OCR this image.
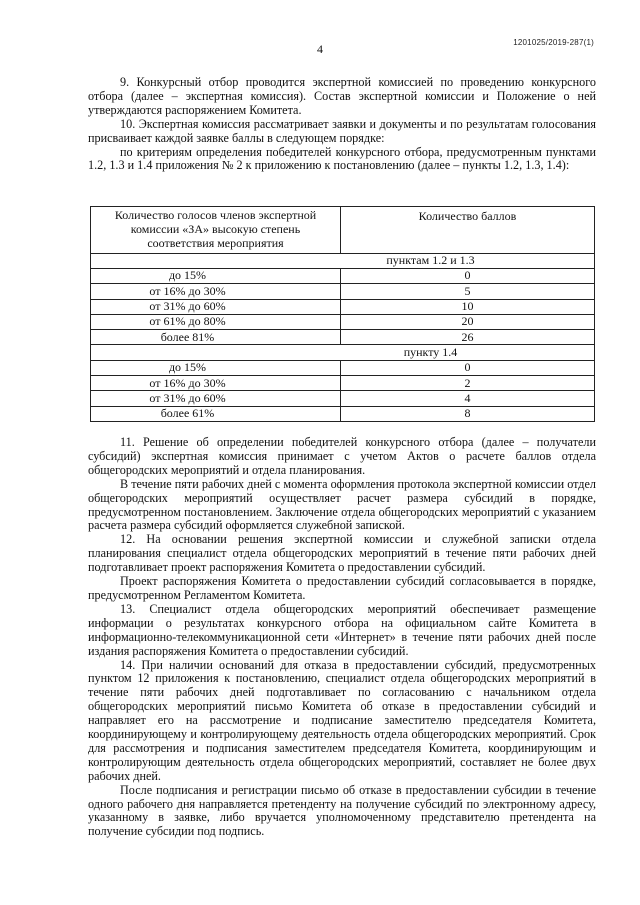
1201025/2019-287(1)
4

9. Конкурсный отбор проводится экспертной комиссией по проведению конкурсного отбора (далее – экспертная комиссия). Состав экспертной комиссии и Положение о ней утверждаются распоряжением Комитета.

10. Экспертная комиссия рассматривает заявки и документы и по результатам голосования присваивает каждой заявке баллы в следующем порядке:

по критериям определения победителей конкурсного отбора, предусмотренным пунктами 1.2, 1.3 и 1.4 приложения № 2 к приложению к постановлению (далее – пункты 1.2, 1.3, 1.4):

Количество голосов членов экспертной комиссии «ЗА» высокую степень соответствия мероприятия	Количество баллов
пунктам 1.2 и 1.3	
до 15%	0
от 16% до 30%	5
от 31% до 60%	10
от 61% до 80%	20
более 81%	26
пункту 1.4	
до 15%	0
от 16% до 30%	2
от 31% до 60%	4
более 61%	8

11. Решение об определении победителей конкурсного отбора (далее – получатели субсидий) экспертная комиссия принимает с учетом Актов о расчете баллов отдела общегородских мероприятий и отдела планирования.

В течение пяти рабочих дней с момента оформления протокола экспертной комиссии отдел общегородских мероприятий осуществляет расчет размера субсидий в порядке, предусмотренном постановлением. Заключение отдела общегородских мероприятий с указанием расчета размера субсидий оформляется служебной запиской.

12. На основании решения экспертной комиссии и служебной записки отдела планирования специалист отдела общегородских мероприятий в течение пяти рабочих дней подготавливает проект распоряжения Комитета о предоставлении субсидий.

Проект распоряжения Комитета о предоставлении субсидий согласовывается в порядке, предусмотренном Регламентом Комитета.

13. Специалист отдела общегородских мероприятий обеспечивает размещение информации о результатах конкурсного отбора на официальном сайте Комитета в информационно-телекоммуникационной сети «Интернет» в течение пяти рабочих дней после издания распоряжения Комитета о предоставлении субсидий.

14. При наличии оснований для отказа в предоставлении субсидий, предусмотренных пунктом 12 приложения к постановлению, специалист отдела общегородских мероприятий в течение пяти рабочих дней подготавливает по согласованию с начальником отдела общегородских мероприятий письмо Комитета об отказе в предоставлении субсидий и направляет его на рассмотрение и подписание заместителю председателя Комитета, координирующему и контролирующему деятельность отдела общегородских мероприятий. Срок для рассмотрения и подписания заместителем председателя Комитета, координирующим и контролирующим деятельность отдела общегородских мероприятий, составляет не более двух рабочих дней.

После подписания и регистрации письмо об отказе в предоставлении субсидии в течение одного рабочего дня направляется претенденту на получение субсидий по электронному адресу, указанному в заявке, либо вручается уполномоченному представителю претендента на получение субсидии под подпись.
